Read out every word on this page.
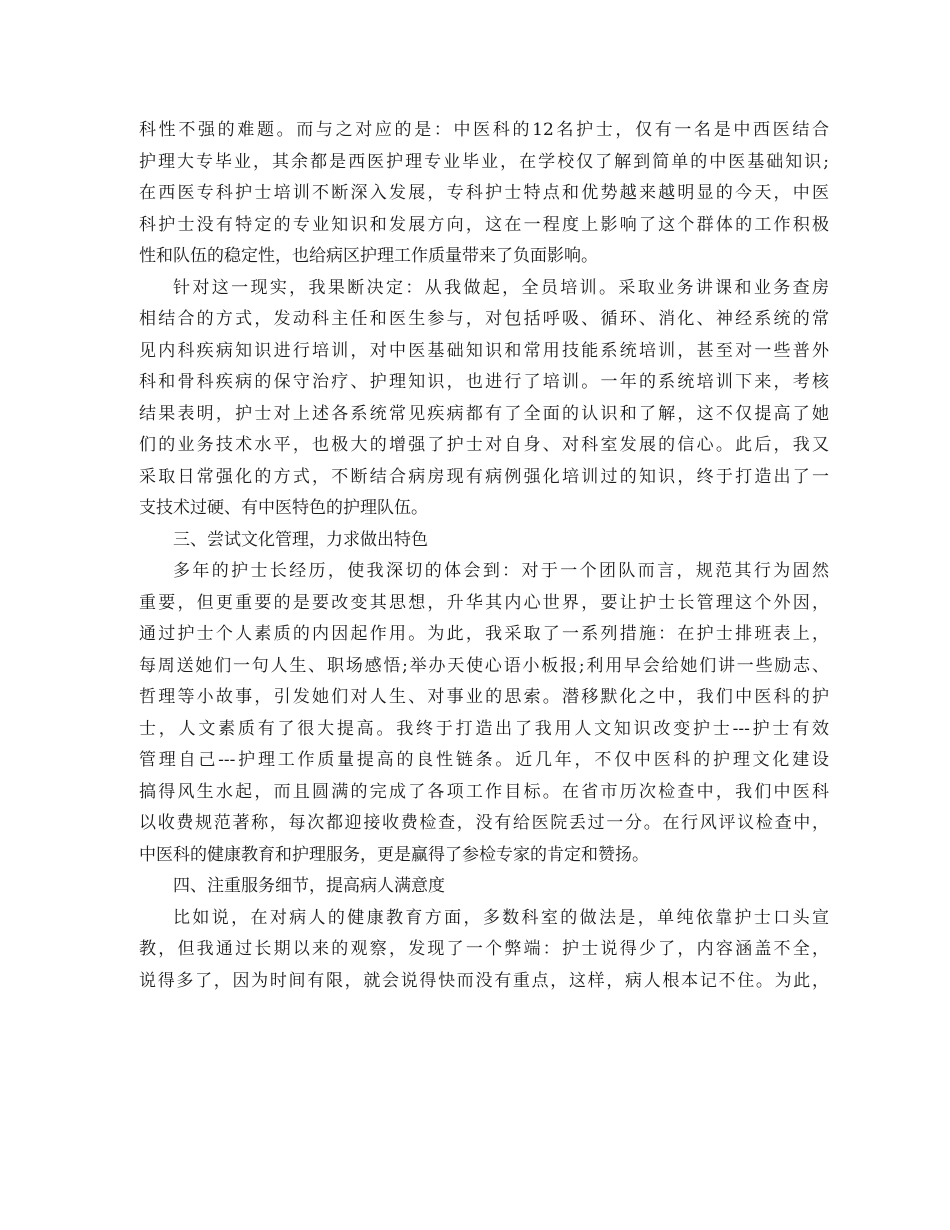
科性不强的难题。而与之对应的是：中医科的12名护士，仅有一名是中西医结合
护理大专毕业，其余都是西医护理专业毕业，在学校仅了解到简单的中医基础知识;
在西医专科护士培训不断深入发展，专科护士特点和优势越来越明显的今天，中医
科护士没有特定的专业知识和发展方向，这在一程度上影响了这个群体的工作积极
性和队伍的稳定性，也给病区护理工作质量带来了负面影响。
针对这一现实，我果断决定：从我做起，全员培训。采取业务讲课和业务查房
相结合的方式，发动科主任和医生参与，对包括呼吸、循环、消化、神经系统的常
见内科疾病知识进行培训，对中医基础知识和常用技能系统培训，甚至对一些普外
科和骨科疾病的保守治疗、护理知识，也进行了培训。一年的系统培训下来，考核
结果表明，护士对上述各系统常见疾病都有了全面的认识和了解，这不仅提高了她
们的业务技术水平，也极大的增强了护士对自身、对科室发展的信心。此后，我又
采取日常强化的方式，不断结合病房现有病例强化培训过的知识，终于打造出了一
支技术过硬、有中医特色的护理队伍。
三、尝试文化管理，力求做出特色
多年的护士长经历，使我深切的体会到：对于一个团队而言，规范其行为固然
重要，但更重要的是要改变其思想，升华其内心世界，要让护士长管理这个外因，
通过护士个人素质的内因起作用。为此，我采取了一系列措施：在护士排班表上，
每周送她们一句人生、职场感悟;举办天使心语小板报;利用早会给她们讲一些励志、
哲理等小故事，引发她们对人生、对事业的思索。潜移默化之中，我们中医科的护
士，人文素质有了很大提高。我终于打造出了我用人文知识改变护士---护士有效
管理自己---护理工作质量提高的良性链条。近几年，不仅中医科的护理文化建设
搞得风生水起，而且圆满的完成了各项工作目标。在省市历次检查中，我们中医科
以收费规范著称，每次都迎接收费检查，没有给医院丢过一分。在行风评议检查中，
中医科的健康教育和护理服务，更是赢得了参检专家的肯定和赞扬。
四、注重服务细节，提高病人满意度
比如说，在对病人的健康教育方面，多数科室的做法是，单纯依靠护士口头宣
教，但我通过长期以来的观察，发现了一个弊端：护士说得少了，内容涵盖不全，
说得多了，因为时间有限，就会说得快而没有重点，这样，病人根本记不住。为此，
